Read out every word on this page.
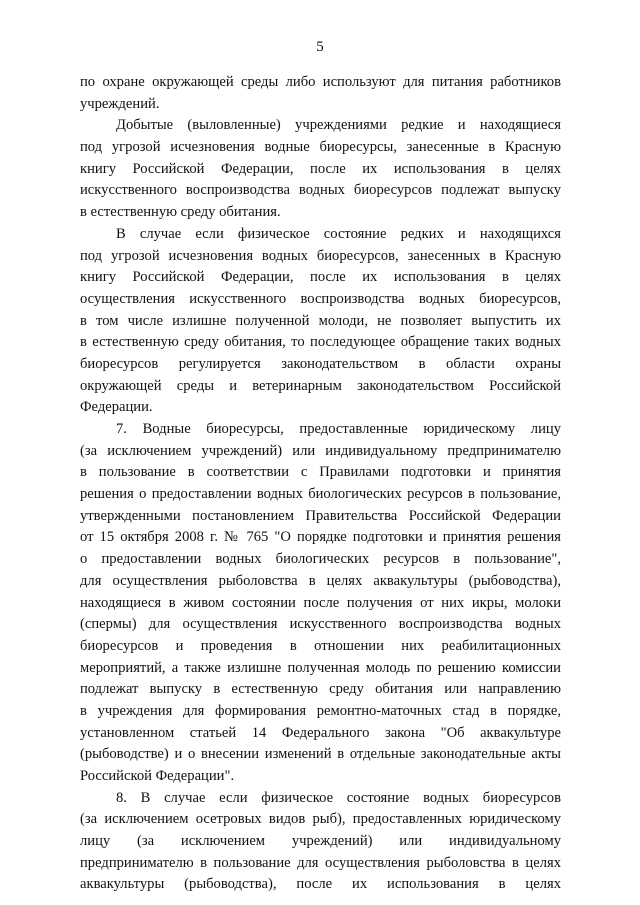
5
по охране окружающей среды либо используют для питания работников
учреждений.
Добытые (выловленные) учреждениями редкие и находящиеся
под угрозой исчезновения водные биоресурсы, занесенные в Красную
книгу Российской Федерации, после их использования в целях
искусственного воспроизводства водных биоресурсов подлежат выпуску
в естественную среду обитания.
В случае если физическое состояние редких и находящихся
под угрозой исчезновения водных биоресурсов, занесенных в Красную
книгу Российской Федерации, после их использования в целях
осуществления искусственного воспроизводства водных биоресурсов,
в том числе излишне полученной молоди, не позволяет выпустить их
в естественную среду обитания, то последующее обращение таких водных
биоресурсов регулируется законодательством в области охраны
окружающей среды и ветеринарным законодательством Российской
Федерации.
7. Водные биоресурсы, предоставленные юридическому лицу
(за исключением учреждений) или индивидуальному предпринимателю
в пользование в соответствии с Правилами подготовки и принятия
решения о предоставлении водных биологических ресурсов в пользование,
утвержденными постановлением Правительства Российской Федерации
от 15 октября 2008 г. № 765 "О порядке подготовки и принятия решения
о предоставлении водных биологических ресурсов в пользование",
для осуществления рыболовства в целях аквакультуры (рыбоводства),
находящиеся в живом состоянии после получения от них икры, молоки
(спермы) для осуществления искусственного воспроизводства водных
биоресурсов и проведения в отношении них реабилитационных
мероприятий, а также излишне полученная молодь по решению комиссии
подлежат выпуску в естественную среду обитания или направлению
в учреждения для формирования ремонтно-маточных стад в порядке,
установленном статьей 14 Федерального закона "Об аквакультуре
(рыбоводстве) и о внесении изменений в отдельные законодательные акты
Российской Федерации".
8. В случае если физическое состояние водных биоресурсов
(за исключением осетровых видов рыб), предоставленных юридическому
лицу (за исключением учреждений) или индивидуальному
предпринимателю в пользование для осуществления рыболовства в целях
аквакультуры (рыбоводства), после их использования в целях
